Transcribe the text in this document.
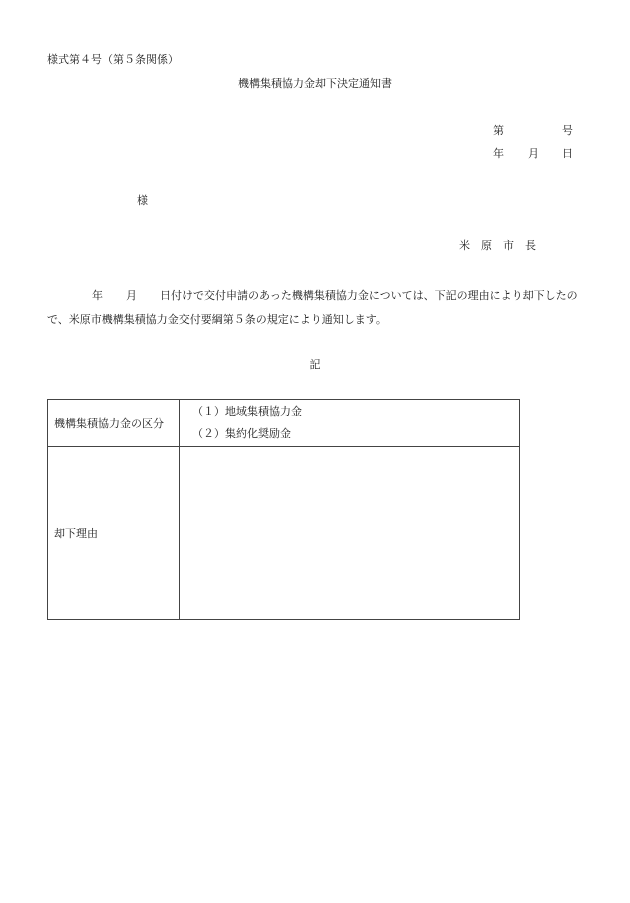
様式第４号（第５条関係）
機構集積協力金却下決定通知書
第	号
年 月 日
様
米　原　市　長
年 月 日付けで交付申請のあった機構集積協力金については、下記の理由により却下したの
で、米原市機構集積協力金交付要綱第５条の規定により通知します。
記
機構集積協力金の区分	（１）地域集積協力金
（２）集約化奨励金

却下理由	
